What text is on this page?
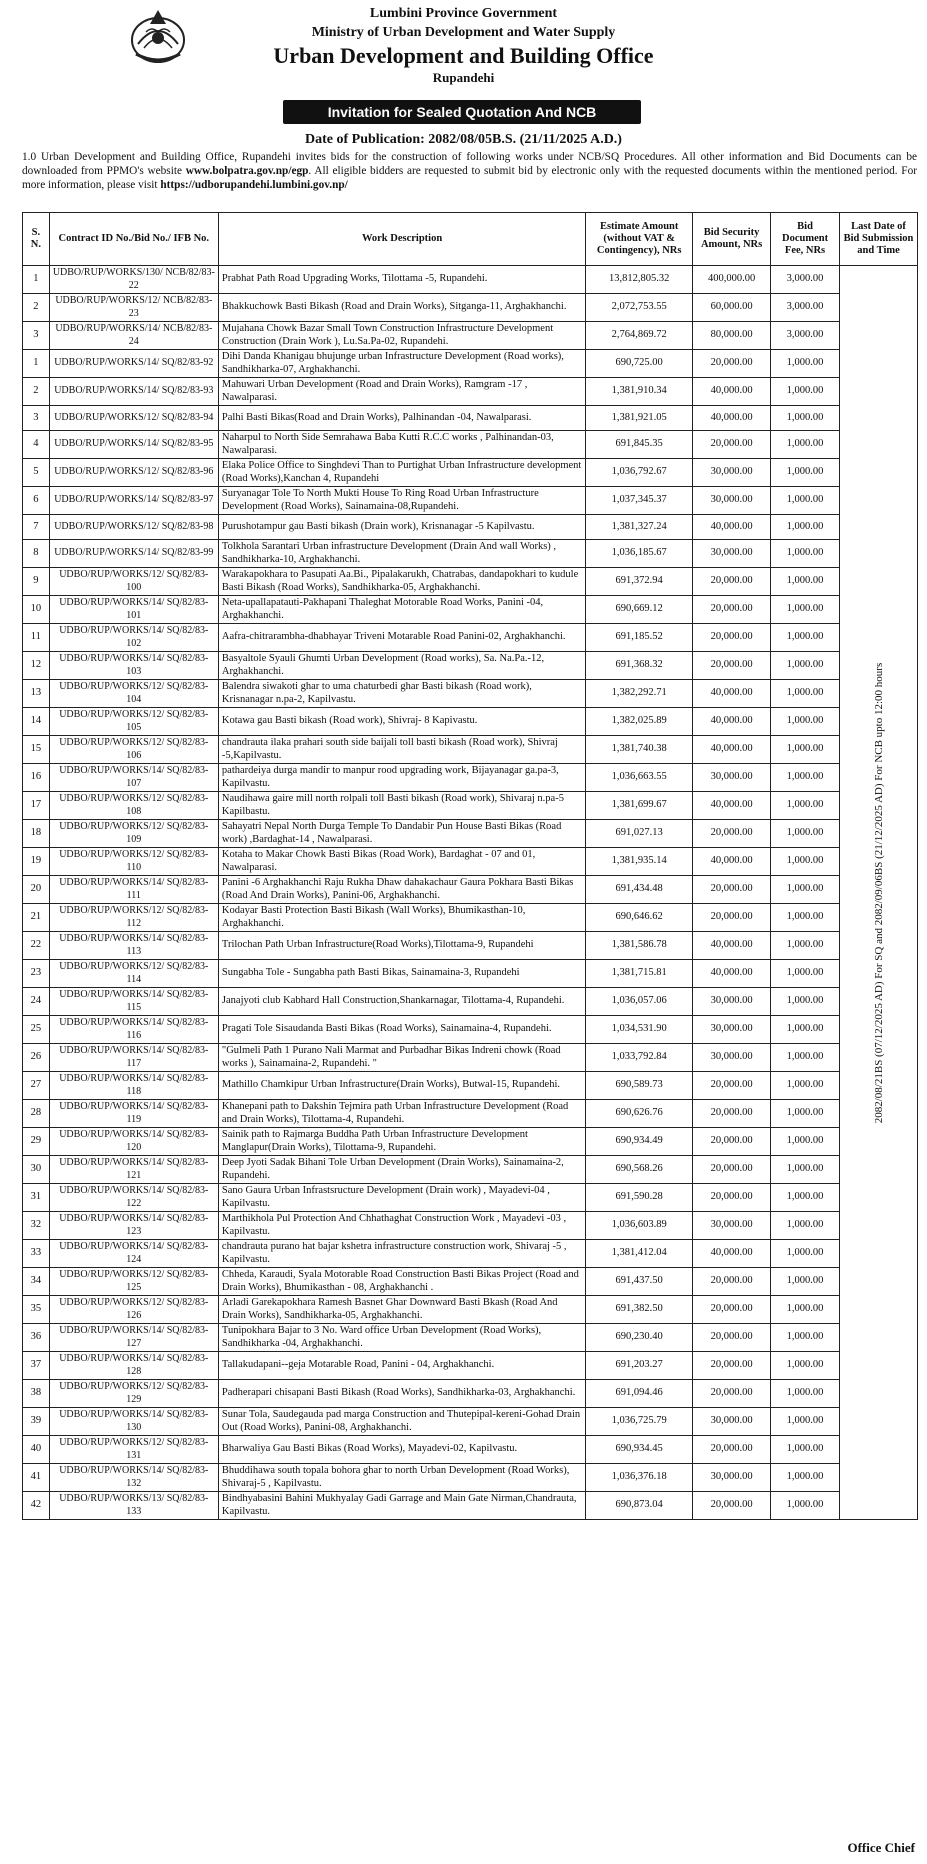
Lumbini Province Government
Ministry of Urban Development and Water Supply
Urban Development and Building Office
Rupandehi
Invitation for Sealed Quotation And NCB
Date of Publication: 2082/08/05B.S. (21/11/2025 A.D.)
1.0 Urban Development and Building Office, Rupandehi invites bids for the construction of following works under NCB/SQ Procedures. All other information and Bid Documents can be downloaded from PPMO's website www.bolpatra.gov.np/egp. All eligible bidders are requested to submit bid by electronic only with the requested documents within the mentioned period. For more information, please visit https://udborupandehi.lumbini.gov.np/
S. N.	Contract ID No./Bid No./ IFB No.	Work Description	Estimate Amount (without VAT & Contingency), NRs	Bid Security Amount, NRs	Bid Document Fee, NRs	Last Date of Bid Submission and Time
1	UDBO/RUP/WORKS/130/ NCB/82/83-22	Prabhat Path Road Upgrading Works, Tilottama -5, Rupandehi.	13,812,805.32	400,000.00	3,000.00	2082/08/21BS (07/12/2025 AD) For SQ and 2082/09/06BS (21/12/2025 AD) For NCB upto 12:00 hours

2	UDBO/RUP/WORKS/12/ NCB/82/83-23	Bhakkuchowk Basti Bikash (Road and Drain Works), Sitganga-11, Arghakhanchi.	2,072,753.55	60,000.00	3,000.00	
3	UDBO/RUP/WORKS/14/ NCB/82/83-24	Mujahana Chowk Bazar Small Town Construction Infrastructure Development Construction (Drain Work ), Lu.Sa.Pa-02, Rupandehi.	2,764,869.72	80,000.00	3,000.00	
1	UDBO/RUP/WORKS/14/ SQ/82/83-92	Dihi Danda Khanigau bhujunge urban Infrastructure Development (Road works), Sandhikharka-07, Arghakhanchi.	690,725.00	20,000.00	1,000.00	
2	UDBO/RUP/WORKS/14/ SQ/82/83-93	Mahuwari Urban Development (Road and Drain Works), Ramgram -17 , Nawalparasi.	1,381,910.34	40,000.00	1,000.00	
3	UDBO/RUP/WORKS/12/ SQ/82/83-94	Palhi Basti Bikas(Road and Drain Works), Palhinandan -04, Nawalparasi.	1,381,921.05	40,000.00	1,000.00	
4	UDBO/RUP/WORKS/14/ SQ/82/83-95	Naharpul to North Side Semrahawa Baba Kutti R.C.C works , Palhinandan-03, Nawalparasi.	691,845.35	20,000.00	1,000.00	
5	UDBO/RUP/WORKS/12/ SQ/82/83-96	Elaka Police Office to Singhdevi Than to Purtighat Urban Infrastructure development (Road Works),Kanchan 4, Rupandehi	1,036,792.67	30,000.00	1,000.00	
6	UDBO/RUP/WORKS/14/ SQ/82/83-97	Suryanagar Tole To North Mukti House To Ring Road Urban Infrastructure Development (Road Works), Sainamaina-08,Rupandehi.	1,037,345.37	30,000.00	1,000.00	
7	UDBO/RUP/WORKS/12/ SQ/82/83-98	Purushotampur gau Basti bikash (Drain work), Krisnanagar -5 Kapilvastu.	1,381,327.24	40,000.00	1,000.00	
8	UDBO/RUP/WORKS/14/ SQ/82/83-99	Tolkhola Sarantari Urban infrastructure Development (Drain And wall Works) , Sandhikharka-10, Arghakhanchi.	1,036,185.67	30,000.00	1,000.00	
9	UDBO/RUP/WORKS/12/ SQ/82/83-100	Warakapokhara to Pasupati Aa.Bi., Pipalakarukh, Chatrabas, dandapokhari to kudule Basti Bikash (Road Works), Sandhikharka-05, Arghakhanchi.	691,372.94	20,000.00	1,000.00	
10	UDBO/RUP/WORKS/14/ SQ/82/83-101	Neta-upallapatauti-Pakhapani Thaleghat Motorable Road Works, Panini -04, Arghakhanchi.	690,669.12	20,000.00	1,000.00	
11	UDBO/RUP/WORKS/14/ SQ/82/83-102	Aafra-chitrarambha-dhabhayar Triveni Motarable Road Panini-02, Arghakhanchi.	691,185.52	20,000.00	1,000.00	
12	UDBO/RUP/WORKS/14/ SQ/82/83-103	Basyaltole Syauli Ghumti Urban Development (Road works), Sa. Na.Pa.-12, Arghakhanchi.	691,368.32	20,000.00	1,000.00	
13	UDBO/RUP/WORKS/12/ SQ/82/83-104	Balendra siwakoti ghar to uma chaturbedi ghar Basti bikash (Road work), Krisnanagar n.pa-2, Kapilvastu.	1,382,292.71	40,000.00	1,000.00	
14	UDBO/RUP/WORKS/12/ SQ/82/83-105	Kotawa gau Basti bikash (Road work), Shivraj- 8 Kapivastu.	1,382,025.89	40,000.00	1,000.00	
15	UDBO/RUP/WORKS/12/ SQ/82/83-106	chandrauta ilaka prahari south side baijali toll basti bikash (Road work), Shivraj -5,Kapilvastu.	1,381,740.38	40,000.00	1,000.00	
16	UDBO/RUP/WORKS/14/ SQ/82/83-107	pathardeiya durga mandir to manpur rood upgrading work, Bijayanagar ga.pa-3, Kapilvastu.	1,036,663.55	30,000.00	1,000.00	
17	UDBO/RUP/WORKS/12/ SQ/82/83-108	Naudihawa gaire mill north rolpali toll Basti bikash (Road work), Shivaraj n.pa-5 Kapilbastu.	1,381,699.67	40,000.00	1,000.00	
18	UDBO/RUP/WORKS/12/ SQ/82/83-109	Sahayatri Nepal North Durga Temple To Dandabir Pun House Basti Bikas (Road work) ,Bardaghat-14 , Nawalparasi.	691,027.13	20,000.00	1,000.00	
19	UDBO/RUP/WORKS/12/ SQ/82/83-110	Kotaha to Makar Chowk Basti Bikas (Road Work), Bardaghat - 07 and 01, Nawalparasi.	1,381,935.14	40,000.00	1,000.00	
20	UDBO/RUP/WORKS/14/ SQ/82/83-111	Panini -6 Arghakhanchi Raju Rukha Dhaw dahakachaur Gaura Pokhara Basti Bikas (Road And Drain Works), Panini-06, Arghakhanchi.	691,434.48	20,000.00	1,000.00	
21	UDBO/RUP/WORKS/12/ SQ/82/83-112	Kodayar Basti Protection Basti Bikash (Wall Works), Bhumikasthan-10, Arghakhanchi.	690,646.62	20,000.00	1,000.00	
22	UDBO/RUP/WORKS/14/ SQ/82/83-113	Trilochan Path Urban Infrastructure(Road Works),Tilottama-9, Rupandehi	1,381,586.78	40,000.00	1,000.00	
23	UDBO/RUP/WORKS/12/ SQ/82/83-114	Sungabha Tole - Sungabha path Basti Bikas, Sainamaina-3, Rupandehi	1,381,715.81	40,000.00	1,000.00	
24	UDBO/RUP/WORKS/14/ SQ/82/83-115	Janajyoti club Kabhard Hall Construction,Shankarnagar, Tilottama-4, Rupandehi.	1,036,057.06	30,000.00	1,000.00	
25	UDBO/RUP/WORKS/14/ SQ/82/83-116	Pragati Tole Sisaudanda Basti Bikas (Road Works), Sainamaina-4, Rupandehi.	1,034,531.90	30,000.00	1,000.00	
26	UDBO/RUP/WORKS/14/ SQ/82/83-117	"Gulmeli Path 1 Purano Nali Marmat and Purbadhar Bikas Indreni chowk (Road works ), Sainamaina-2, Rupandehi. "	1,033,792.84	30,000.00	1,000.00	
27	UDBO/RUP/WORKS/14/ SQ/82/83-118	Mathillo Chamkipur Urban Infrastructure(Drain Works), Butwal-15, Rupandehi.	690,589.73	20,000.00	1,000.00	
28	UDBO/RUP/WORKS/14/ SQ/82/83-119	Khanepani path to Dakshin Tejmira path Urban Infrastructure Development (Road and Drain Works), Tilottama-4, Rupandehi.	690,626.76	20,000.00	1,000.00	
29	UDBO/RUP/WORKS/14/ SQ/82/83-120	Sainik path to Rajmarga Buddha Path Urban Infrastructure Development Manglapur(Drain Works), Tilottama-9, Rupandehi.	690,934.49	20,000.00	1,000.00	
30	UDBO/RUP/WORKS/14/ SQ/82/83-121	Deep Jyoti Sadak Bihani Tole Urban Development (Drain Works), Sainamaina-2, Rupandehi.	690,568.26	20,000.00	1,000.00	
31	UDBO/RUP/WORKS/14/ SQ/82/83-122	Sano Gaura Urban Infrastsructure Development (Drain work) , Mayadevi-04 , Kapilvastu.	691,590.28	20,000.00	1,000.00	
32	UDBO/RUP/WORKS/14/ SQ/82/83-123	Marthikhola Pul Protection And Chhathaghat Construction Work , Mayadevi -03 , Kapilvastu.	1,036,603.89	30,000.00	1,000.00	
33	UDBO/RUP/WORKS/14/ SQ/82/83-124	chandrauta purano hat bajar kshetra infrastructure construction work, Shivaraj -5 , Kapilvastu.	1,381,412.04	40,000.00	1,000.00	
34	UDBO/RUP/WORKS/12/ SQ/82/83-125	Chheda, Karaudi, Syala Motorable Road Construction Basti Bikas Project (Road and Drain Works), Bhumikasthan - 08, Arghakhanchi .	691,437.50	20,000.00	1,000.00	
35	UDBO/RUP/WORKS/12/ SQ/82/83-126	Arladi Garekapokhara Ramesh Basnet Ghar Downward Basti Bkash (Road And Drain Works), Sandhikharka-05, Arghakhanchi.	691,382.50	20,000.00	1,000.00	
36	UDBO/RUP/WORKS/14/ SQ/82/83-127	Tunipokhara Bajar to 3 No. Ward office Urban Development (Road Works), Sandhikharka -04, Arghakhanchi.	690,230.40	20,000.00	1,000.00	
37	UDBO/RUP/WORKS/14/ SQ/82/83-128	Tallakudapani--geja Motarable Road, Panini - 04, Arghakhanchi.	691,203.27	20,000.00	1,000.00	
38	UDBO/RUP/WORKS/12/ SQ/82/83-129	Padherapari chisapani Basti Bikash (Road Works), Sandhikharka-03, Arghakhanchi.	691,094.46	20,000.00	1,000.00	
39	UDBO/RUP/WORKS/14/ SQ/82/83-130	Sunar Tola, Saudegauda pad marga Construction and Thutepipal-kereni-Gohad Drain Out (Road Works), Panini-08, Arghakhanchi.	1,036,725.79	30,000.00	1,000.00	
40	UDBO/RUP/WORKS/12/ SQ/82/83-131	Bharwaliya Gau Basti Bikas (Road Works), Mayadevi-02, Kapilvastu.	690,934.45	20,000.00	1,000.00	
41	UDBO/RUP/WORKS/14/ SQ/82/83-132	Bhuddihawa south topala bohora ghar to north Urban Development (Road Works), Shivaraj-5 , Kapilvastu.	1,036,376.18	30,000.00	1,000.00	
42	UDBO/RUP/WORKS/13/ SQ/82/83-133	Bindhyabasini Bahini Mukhyalay Gadi Garrage and Main Gate Nirman,Chandrauta, Kapilvastu.	690,873.04	20,000.00	1,000.00	
Office Chief
